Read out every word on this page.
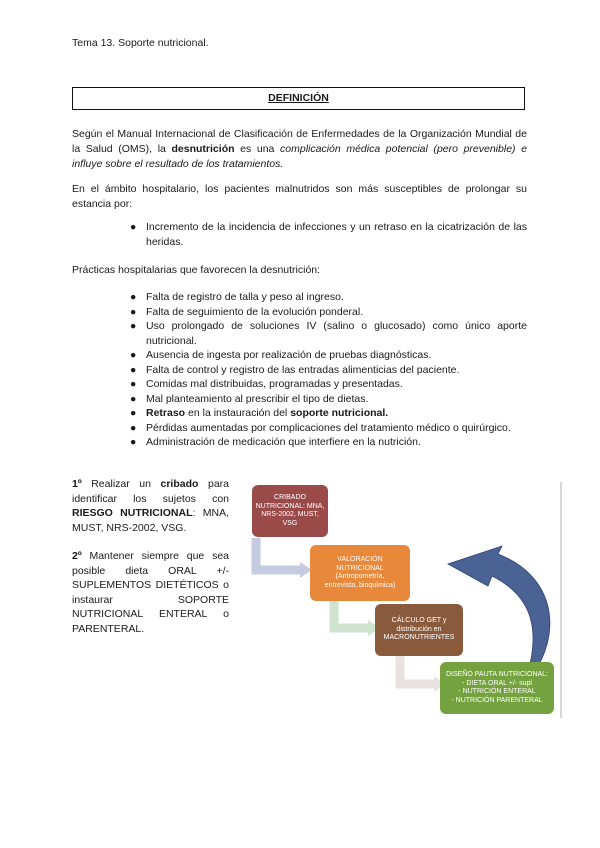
Tema 13. Soporte nutricional.
DEFINICIÓN

Según el Manual Internacional de Clasificación de Enfermedades de la Organización Mundial de la Salud (OMS), la desnutrición es una complicación médica potencial (pero prevenible) e influye sobre el resultado de los tratamientos.

En el ámbito hospitalario, los pacientes malnutridos son más susceptibles de prolongar su estancia por:

● Incremento de la incidencia de infecciones y un retraso en la cicatrización de las heridas.

Prácticas hospitalarias que favorecen la desnutrición:

● Falta de registro de talla y peso al ingreso.
● Falta de seguimiento de la evolución ponderal.
● Uso prolongado de soluciones IV (salino o glucosado) como único aporte nutricional.
● Ausencia de ingesta por realización de pruebas diagnósticas.
● Falta de control y registro de las entradas alimenticias del paciente.
● Comidas mal distribuidas, programadas y presentadas.
● Mal planteamiento al prescribir el tipo de dietas.
● Retraso en la instauración del soporte nutricional.
● Pérdidas aumentadas por complicaciones del tratamiento médico o quirúrgico.
● Administración de medicación que interfiere en la nutrición.

1º Realizar un cribado para identificar los sujetos con RIESGO NUTRICIONAL: MNA, MUST, NRS-2002, VSG.

2º Mantener siempre que sea posible dieta ORAL +/- SUPLEMENTOS DIETÉTICOS o instaurar SOPORTE NUTRICIONAL ENTERAL o PARENTERAL.

CRIBADO
NUTRICIONAL: MNA,
NRS-2002, MUST, VSG
VALORACIÓN
NUTRICIONAL
(Antropometría,
entrevista, bioquímica)
CÁLCULO GET y
distribución en
MACRONUTRIENTES
DISEÑO PAUTA NUTRICIONAL:
- DIETA ORAL +/- supl
- NUTRICIÓN ENTERAL
- NUTRICIÓN PARENTERAL
